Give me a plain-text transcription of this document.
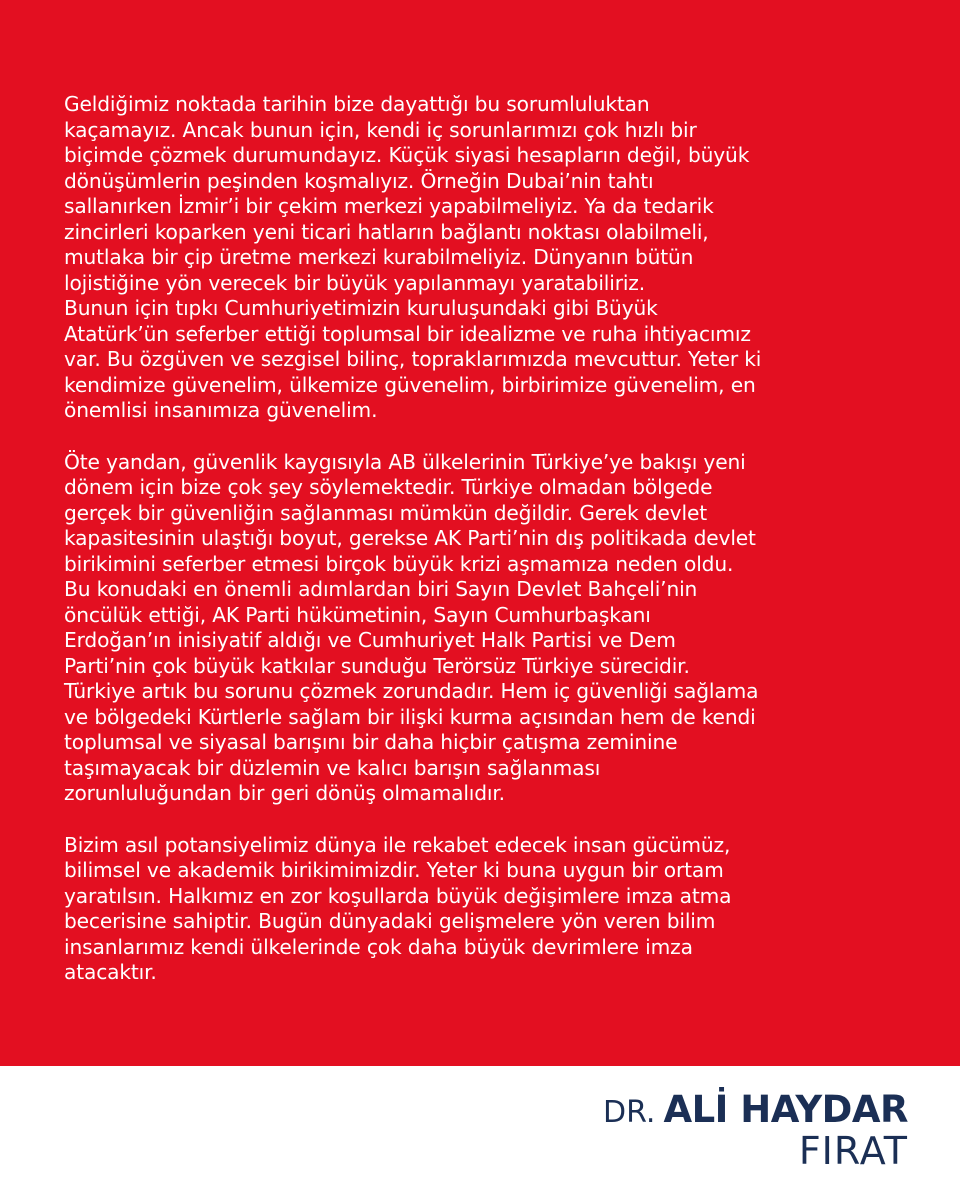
Geldiğimiz noktada tarihin bize dayattığı bu sorumluluktan
kaçamayız. Ancak bunun için, kendi iç sorunlarımızı çok hızlı bir
biçimde çözmek durumundayız. Küçük siyasi hesapların değil, büyük
dönüşümlerin peşinden koşmalıyız. Örneğin Dubai’nin tahtı
sallanırken İzmir’i bir çekim merkezi yapabilmeliyiz. Ya da tedarik
zincirleri koparken yeni ticari hatların bağlantı noktası olabilmeli,
mutlaka bir çip üretme merkezi kurabilmeliyiz. Dünyanın bütün
lojistiğine yön verecek bir büyük yapılanmayı yaratabiliriz.
Bunun için tıpkı Cumhuriyetimizin kuruluşundaki gibi Büyük
Atatürk’ün seferber ettiği toplumsal bir idealizme ve ruha ihtiyacımız
var. Bu özgüven ve sezgisel bilinç, topraklarımızda mevcuttur. Yeter ki
kendimize güvenelim, ülkemize güvenelim, birbirimize güvenelim, en
önemlisi insanımıza güvenelim.

Öte yandan, güvenlik kaygısıyla AB ülkelerinin Türkiye’ye bakışı yeni
dönem için bize çok şey söylemektedir. Türkiye olmadan bölgede
gerçek bir güvenliğin sağlanması mümkün değildir. Gerek devlet
kapasitesinin ulaştığı boyut, gerekse AK Parti’nin dış politikada devlet
birikimini seferber etmesi birçok büyük krizi aşmamıza neden oldu.
Bu konudaki en önemli adımlardan biri Sayın Devlet Bahçeli’nin
öncülük ettiği, AK Parti hükümetinin, Sayın Cumhurbaşkanı
Erdoğan’ın inisiyatif aldığı ve Cumhuriyet Halk Partisi ve Dem
Parti’nin çok büyük katkılar sunduğu Terörsüz Türkiye sürecidir.
Türkiye artık bu sorunu çözmek zorundadır. Hem iç güvenliği sağlama
ve bölgedeki Kürtlerle sağlam bir ilişki kurma açısından hem de kendi
toplumsal ve siyasal barışını bir daha hiçbir çatışma zeminine
taşımayacak bir düzlemin ve kalıcı barışın sağlanması
zorunluluğundan bir geri dönüş olmamalıdır.

Bizim asıl potansiyelimiz dünya ile rekabet edecek insan gücümüz,
bilimsel ve akademik birikimimizdir. Yeter ki buna uygun bir ortam
yaratılsın. Halkımız en zor koşullarda büyük değişimlere imza atma
becerisine sahiptir. Bugün dünyadaki gelişmelere yön veren bilim
insanlarımız kendi ülkelerinde çok daha büyük devrimlere imza
atacaktır.

DR. ALİ HAYDAR
FIRAT
